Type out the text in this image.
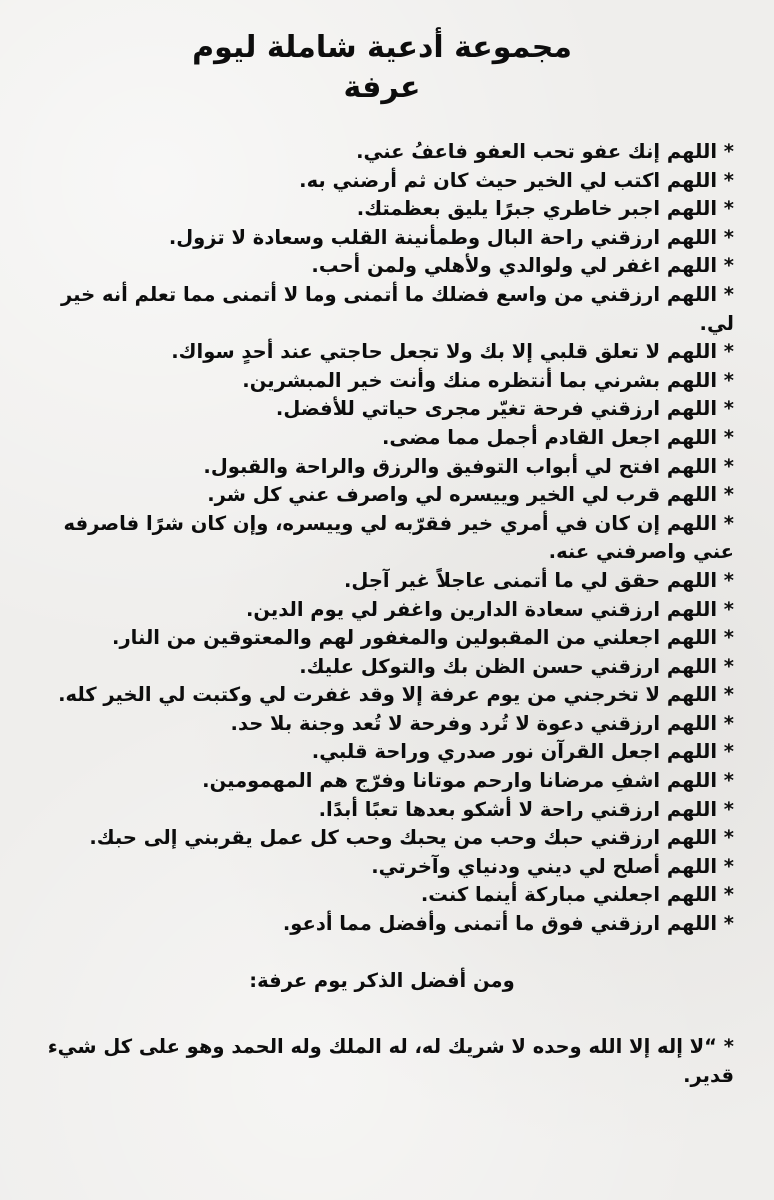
مجموعة أدعية شاملة ليوم
عرفة
* اللهم إنك عفو تحب العفو فاعفُ عني.
* اللهم اكتب لي الخير حيث كان ثم أرضني به.
* اللهم اجبر خاطري جبرًا يليق بعظمتك.
* اللهم ارزقني راحة البال وطمأنينة القلب وسعادة لا تزول.
* اللهم اغفر لي ولوالدي ولأهلي ولمن أحب.
* اللهم ارزقني من واسع فضلك ما أتمنى وما لا أتمنى مما تعلم أنه خير لي.
* اللهم لا تعلق قلبي إلا بك ولا تجعل حاجتي عند أحدٍ سواك.
* اللهم بشرني بما أنتظره منك وأنت خير المبشرين.
* اللهم ارزقني فرحة تغيّر مجرى حياتي للأفضل.
* اللهم اجعل القادم أجمل مما مضى.
* اللهم افتح لي أبواب التوفيق والرزق والراحة والقبول.
* اللهم قرب لي الخير وييسره لي واصرف عني كل شر.
* اللهم إن كان في أمري خير فقرّبه لي وييسره، وإن كان شرًا فاصرفه عني واصرفني عنه.
* اللهم حقق لي ما أتمنى عاجلاً غير آجل.
* اللهم ارزقني سعادة الدارين واغفر لي يوم الدين.
* اللهم اجعلني من المقبولين والمغفور لهم والمعتوقين من النار.
* اللهم ارزقني حسن الظن بك والتوكل عليك.
* اللهم لا تخرجني من يوم عرفة إلا وقد غفرت لي وكتبت لي الخير كله.
* اللهم ارزقني دعوة لا تُرد وفرحة لا تُعد وجنة بلا حد.
* اللهم اجعل القرآن نور صدري وراحة قلبي.
* اللهم اشفِ مرضانا وارحم موتانا وفرّج هم المهمومين.
* اللهم ارزقني راحة لا أشكو بعدها تعبًا أبدًا.
* اللهم ارزقني حبك وحب من يحبك وحب كل عمل يقربني إلى حبك.
* اللهم أصلح لي ديني ودنياي وآخرتي.
* اللهم اجعلني مباركة أينما كنت.
* اللهم ارزقني فوق ما أتمنى وأفضل مما أدعو.
ومن أفضل الذكر يوم عرفة:
* “لا إله إلا الله وحده لا شريك له، له الملك وله الحمد وهو على كل شيء قدير.
